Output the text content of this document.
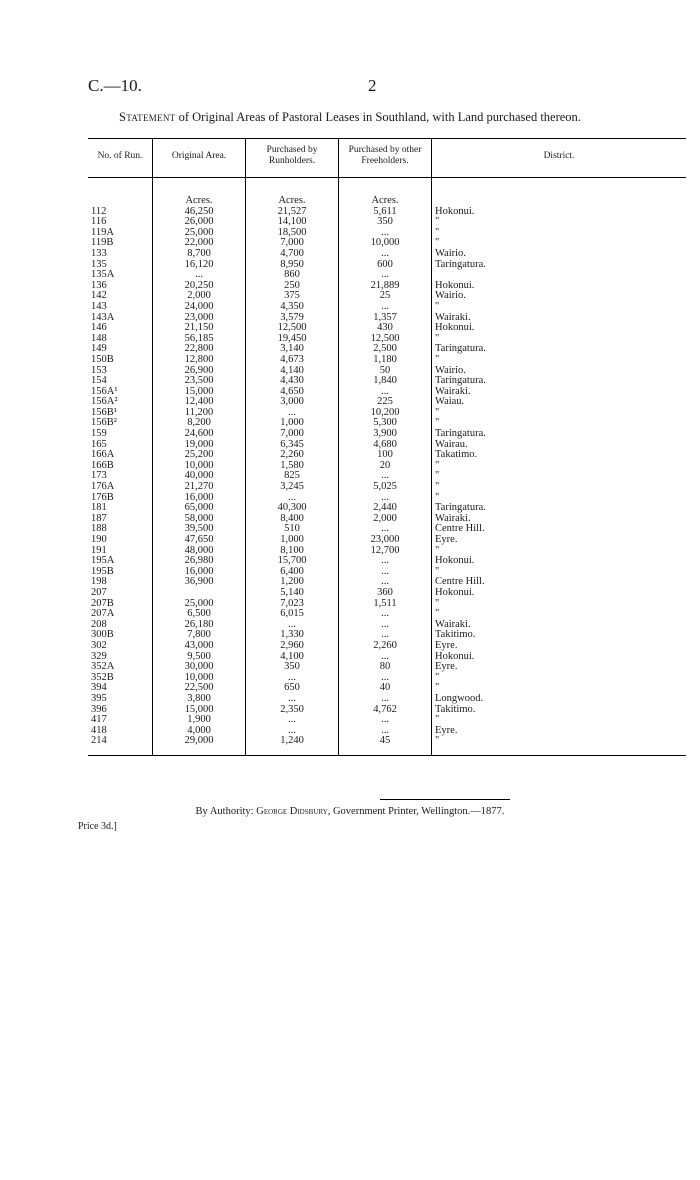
C.—10.	2
Statement of Original Areas of Pastoral Leases in Southland, with Land purchased thereon.
No. of Run.	Original Area.	Purchased by Runholders.	Purchased by other Freeholders.	District.

	Acres.	Acres.	Acres.	
112	46,250	21,527	5,611	Hokonui.
116	26,000	14,100	350	"
119A	25,000	18,500	...	"
119B	22,000	7,000	10,000	"
133	8,700	4,700	...	Wairio.
135	16,120	8,950	600	Taringatura.
135A	...	860	...	
136	20,250	250	21,889	Hokonui.
142	2,000	375	25	Wairio.
143	24,000	4,350	...	"
143A	23,000	3,579	1,357	Wairaki.
146	21,150	12,500	430	Hokonui.
148	56,185	19,450	12,500	"
149	22,800	3,140	2,500	Taringatura.
150B	12,800	4,673	1,180	"
153	26,900	4,140	50	Wairio.
154	23,500	4,430	1,840	Taringatura.
156A¹	15,000	4,650	...	Wairaki.
156A²	12,400	3,000	225	Waiau.
156B¹	11,200	...	10,200	"
156B²	8,200	1,000	5,300	"
159	24,600	7,000	3,900	Taringatura.
165	19,000	6,345	4,680	Wairau.
166A	25,200	2,260	100	Takatimo.
166B	10,000	1,580	20	"
173	40,000	825	...	"
176A	21,270	3,245	5,025	"
176B	16,000	...	...	"
181	65,000	40,300	2,440	Taringatura.
187	58,000	8,400	2,000	Wairaki.
188	39,500	510	...	Centre Hill.
190	47,650	1,000	23,000	Eyre.
191	48,000	8,100	12,700	"
195A	26,980	15,700	...	Hokonui.
195B	16,000	6,400	...	"
198	36,900	1,200	...	Centre Hill.
207		5,140	360	Hokonui.
207B	25,000	7,023	1,511	"
207A	6,500	6,015	...	"
208	26,180	...	...	Wairaki.
300B	7,800	1,330	...	Takitimo.
302	43,000	2,960	2,260	Eyre.
329	9,500	4,100	...	Hokonui.
352A	30,000	350	80	Eyre.
352B	10,000	...	...	"
394	22,500	650	40	"
395	3,800	...	...	Longwood.
396	15,000	2,350	4,762	Takitimo.
417	1,900	...	...	"
418	4,000	...	...	Eyre.
214	29,000	1,240	45	"
By Authority: George Didsbury, Government Printer, Wellington.—1877.
Price 3d.]
